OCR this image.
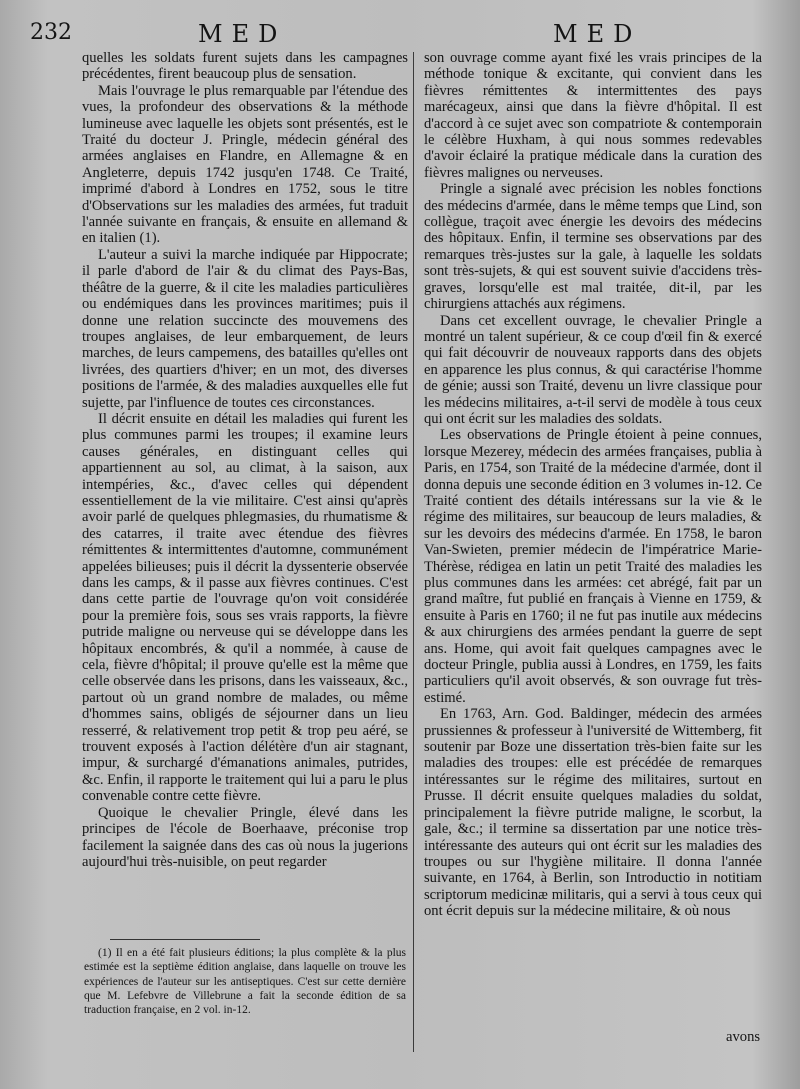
232	MED	MED

quelles les soldats furent sujets dans les campagnes précédentes, firent beaucoup plus de sensation.

Mais l'ouvrage le plus remarquable par l'étendue des vues, la profondeur des observations & la méthode lumineuse avec laquelle les objets sont présentés, est le Traité du docteur J. Pringle, médecin général des armées anglaises en Flandre, en Allemagne & en Angleterre, depuis 1742 jusqu'en 1748. Ce Traité, imprimé d'abord à Londres en 1752, sous le titre d'Observations sur les maladies des armées, fut traduit l'année suivante en français, & ensuite en allemand & en italien (1).

L'auteur a suivi la marche indiquée par Hippocrate; il parle d'abord de l'air & du climat des Pays-Bas, théâtre de la guerre, & il cite les maladies particulières ou endémiques dans les provinces maritimes; puis il donne une relation succincte des mouvemens des troupes anglaises, de leur embarquement, de leurs marches, de leurs campemens, des batailles qu'elles ont livrées, des quartiers d'hiver; en un mot, des diverses positions de l'armée, & des maladies auxquelles elle fut sujette, par l'influence de toutes ces circonstances.

Il décrit ensuite en détail les maladies qui furent les plus communes parmi les troupes; il examine leurs causes générales, en distinguant celles qui appartiennent au sol, au climat, à la saison, aux intempéries, &c., d'avec celles qui dépendent essentiellement de la vie militaire. C'est ainsi qu'après avoir parlé de quelques phlegmasies, du rhumatisme & des catarres, il traite avec étendue des fièvres rémittentes & intermittentes d'automne, communément appelées bilieuses; puis il décrit la dyssenterie observée dans les camps, & il passe aux fièvres continues. C'est dans cette partie de l'ouvrage qu'on voit considérée pour la première fois, sous ses vrais rapports, la fièvre putride maligne ou nerveuse qui se développe dans les hôpitaux encombrés, & qu'il a nommée, à cause de cela, fièvre d'hôpital; il prouve qu'elle est la même que celle observée dans les prisons, dans les vaisseaux, &c., partout où un grand nombre de malades, ou même d'hommes sains, obligés de séjourner dans un lieu resserré, & relativement trop petit & trop peu aéré, se trouvent exposés à l'action délétère d'un air stagnant, impur, & surchargé d'émanations animales, putrides, &c. Enfin, il rapporte le traitement qui lui a paru le plus convenable contre cette fièvre.

Quoique le chevalier Pringle, élevé dans les principes de l'école de Boerhaave, préconise trop facilement la saignée dans des cas où nous la jugerions aujourd'hui très-nuisible, on peut regarder

son ouvrage comme ayant fixé les vrais principes de la méthode tonique & excitante, qui convient dans les fièvres rémittentes & intermittentes des pays marécageux, ainsi que dans la fièvre d'hôpital. Il est d'accord à ce sujet avec son compatriote & contemporain le célèbre Huxham, à qui nous sommes redevables d'avoir éclairé la pratique médicale dans la curation des fièvres malignes ou nerveuses.

Pringle a signalé avec précision les nobles fonctions des médecins d'armée, dans le même temps que Lind, son collègue, traçoit avec énergie les devoirs des médecins des hôpitaux. Enfin, il termine ses observations par des remarques très-justes sur la gale, à laquelle les soldats sont très-sujets, & qui est souvent suivie d'accidens très-graves, lorsqu'elle est mal traitée, dit-il, par les chirurgiens attachés aux régimens.

Dans cet excellent ouvrage, le chevalier Pringle a montré un talent supérieur, & ce coup d'œil fin & exercé qui fait découvrir de nouveaux rapports dans des objets en apparence les plus connus, & qui caractérise l'homme de génie; aussi son Traité, devenu un livre classique pour les médecins militaires, a-t-il servi de modèle à tous ceux qui ont écrit sur les maladies des soldats.

Les observations de Pringle étoient à peine connues, lorsque Mezerey, médecin des armées françaises, publia à Paris, en 1754, son Traité de la médecine d'armée, dont il donna depuis une seconde édition en 3 volumes in-12. Ce Traité contient des détails intéressans sur la vie & le régime des militaires, sur beaucoup de leurs maladies, & sur les devoirs des médecins d'armée. En 1758, le baron Van-Swieten, premier médecin de l'impératrice Marie-Thérèse, rédigea en latin un petit Traité des maladies les plus communes dans les armées: cet abrégé, fait par un grand maître, fut publié en français à Vienne en 1759, & ensuite à Paris en 1760; il ne fut pas inutile aux médecins & aux chirurgiens des armées pendant la guerre de sept ans. Home, qui avoit fait quelques campagnes avec le docteur Pringle, publia aussi à Londres, en 1759, les faits particuliers qu'il avoit observés, & son ouvrage fut très-estimé.

En 1763, Arn. God. Baldinger, médecin des armées prussiennes & professeur à l'université de Wittemberg, fit soutenir par Boze une dissertation très-bien faite sur les maladies des troupes: elle est précédée de remarques intéressantes sur le régime des militaires, surtout en Prusse. Il décrit ensuite quelques maladies du soldat, principalement la fièvre putride maligne, le scorbut, la gale, &c.; il termine sa dissertation par une notice très-intéressante des auteurs qui ont écrit sur les maladies des troupes ou sur l'hygiène militaire. Il donna l'année suivante, en 1764, à Berlin, son Introductio in notitiam scriptorum medicinæ militaris, qui a servi à tous ceux qui ont écrit depuis sur la médecine militaire, & où nous

(1) Il en a été fait plusieurs éditions; la plus complète & la plus estimée est la septième édition anglaise, dans laquelle on trouve les expériences de l'auteur sur les antiseptiques. C'est sur cette dernière que M. Lefebvre de Villebrune a fait la seconde édition de sa traduction française, en 2 vol. in-12.

avons
